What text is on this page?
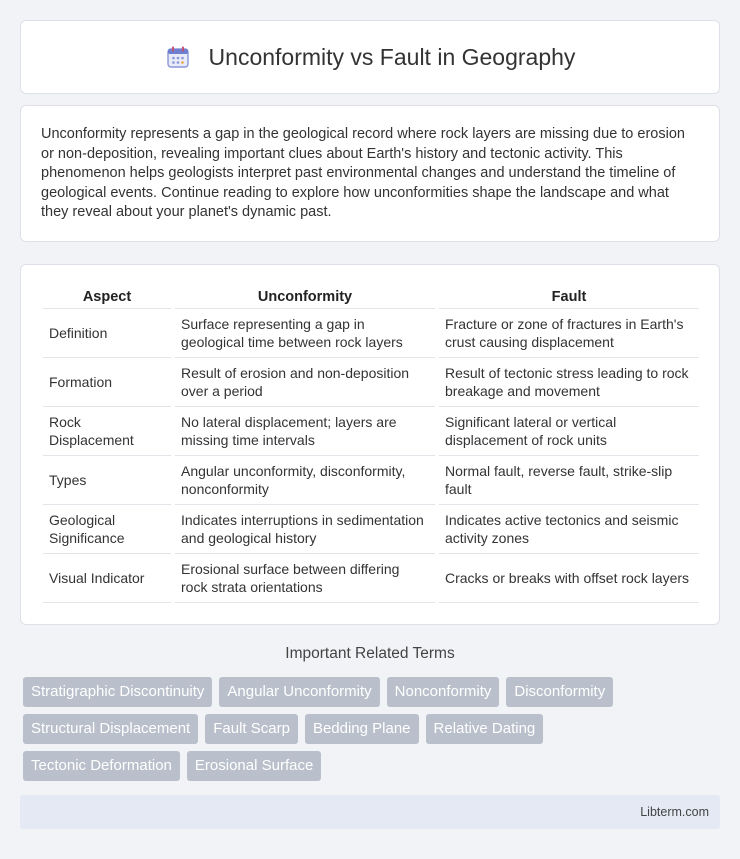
Unconformity vs Fault in Geography

Unconformity represents a gap in the geological record where rock layers are missing due to erosion or non-deposition, revealing important clues about Earth's history and tectonic activity. This phenomenon helps geologists interpret past environmental changes and understand the timeline of geological events. Continue reading to explore how unconformities shape the landscape and what they reveal about your planet's dynamic past.

Aspect	Unconformity	Fault
Definition	Surface representing a gap in geological time between rock layers	Fracture or zone of fractures in Earth's crust causing displacement
Formation	Result of erosion and non-deposition over a period	Result of tectonic stress leading to rock breakage and movement
Rock Displacement	No lateral displacement; layers are missing time intervals	Significant lateral or vertical displacement of rock units
Types	Angular unconformity, disconformity, nonconformity	Normal fault, reverse fault, strike-slip fault
Geological Significance	Indicates interruptions in sedimentation and geological history	Indicates active tectonics and seismic activity zones
Visual Indicator	Erosional surface between differing rock strata orientations	Cracks or breaks with offset rock layers
Important Related Terms
Stratigraphic Discontinuity	Angular Unconformity	Nonconformity	Disconformity
Structural Displacement	Fault Scarp	Bedding Plane	Relative Dating
Tectonic Deformation	Erosional Surface
Libterm.com
